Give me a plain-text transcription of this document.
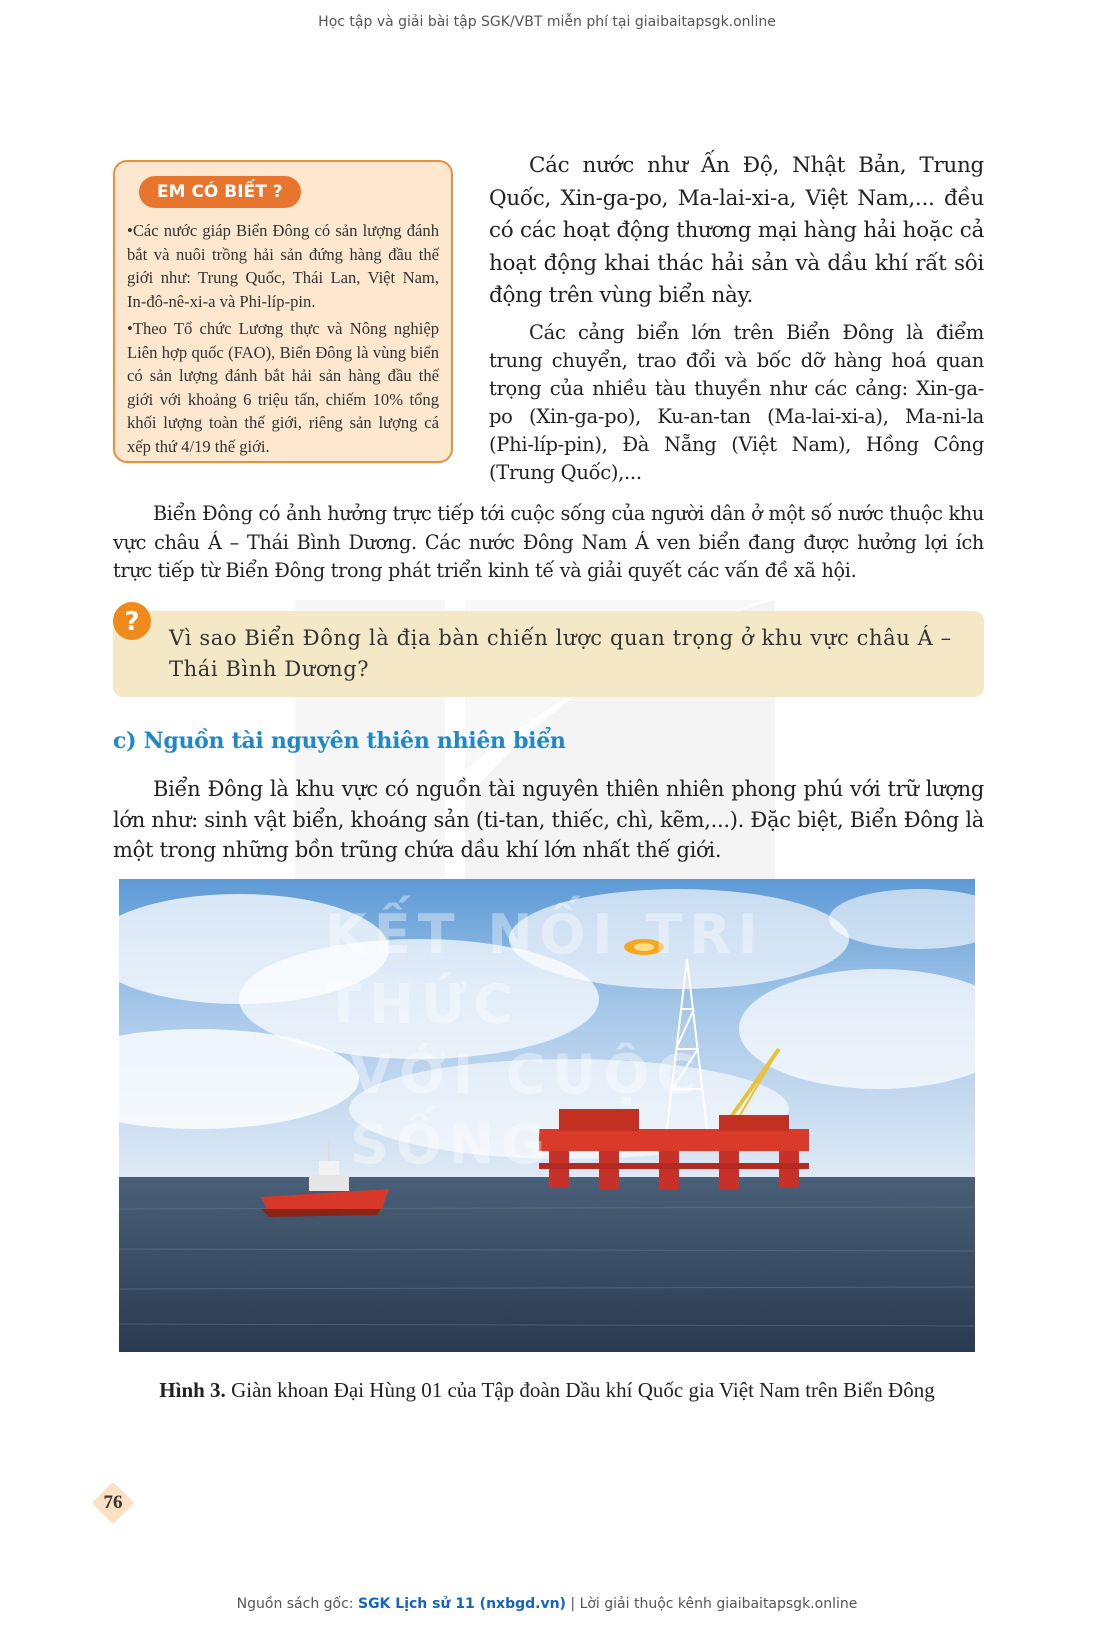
Học tập và giải bài tập SGK/VBT miễn phí tại giaibaitapsgk.online
EM CÓ BIẾT ?
• Các nước giáp Biển Đông có sản lượng đánh bắt và nuôi trồng hải sản đứng hàng đầu thế giới như: Trung Quốc, Thái Lan, Việt Nam, In-đô-nê-xi-a và Phi-líp-pin.
• Theo Tổ chức Lương thực và Nông nghiệp Liên hợp quốc (FAO), Biển Đông là vùng biển có sản lượng đánh bắt hải sản hàng đầu thế giới với khoảng 6 triệu tấn, chiếm 10% tổng khối lượng toàn thế giới, riêng sản lượng cá xếp thứ 4/19 thế giới.

Các nước như Ấn Độ, Nhật Bản, Trung Quốc, Xin-ga-po, Ma-lai-xi-a, Việt Nam,... đều có các hoạt động thương mại hàng hải hoặc cả hoạt động khai thác hải sản và dầu khí rất sôi động trên vùng biển này.

Các cảng biển lớn trên Biển Đông là điểm trung chuyển, trao đổi và bốc dỡ hàng hoá quan trọng của nhiều tàu thuyền như các cảng: Xin-ga-po (Xin-ga-po), Ku-an-tan (Ma-lai-xi-a), Ma-ni-la (Phi-líp-pin), Đà Nẵng (Việt Nam), Hồng Công (Trung Quốc),...

Biển Đông có ảnh hưởng trực tiếp tới cuộc sống của người dân ở một số nước thuộc khu vực châu Á – Thái Bình Dương. Các nước Đông Nam Á ven biển đang được hưởng lợi ích trực tiếp từ Biển Đông trong phát triển kinh tế và giải quyết các vấn đề xã hội.

Vì sao Biển Đông là địa bàn chiến lược quan trọng ở khu vực châu Á – Thái Bình Dương?

?
c) Nguồn tài nguyên thiên nhiên biển

Biển Đông là khu vực có nguồn tài nguyên thiên nhiên phong phú với trữ lượng lớn như: sinh vật biển, khoáng sản (ti-tan, thiếc, chì, kẽm,...). Đặc biệt, Biển Đông là một trong những bồn trũng chứa dầu khí lớn nhất thế giới.

KẾT NỐI TRI THỨC
VỚI CUỘC SỐNG

Hình 3. Giàn khoan Đại Hùng 01 của Tập đoàn Dầu khí Quốc gia Việt Nam trên Biển Đông

76
Nguồn sách gốc: SGK Lịch sử 11 (nxbgd.vn) | Lời giải thuộc kênh giaibaitapsgk.online
